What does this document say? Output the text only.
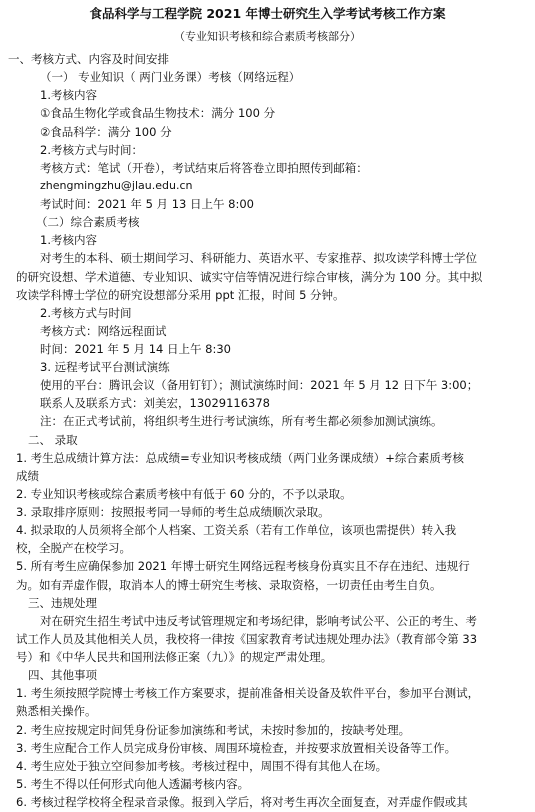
食品科学与工程学院 2021 年博士研究生入学考试考核工作方案
（专业知识考核和综合素质考核部分）
一、考核方式、内容及时间安排
（一） 专业知识（ 两门业务课）考核（网络远程）
1.考核内容
①食品生物化学或食品生物技术：满分 100 分
②食品科学：满分 100 分
2.考核方式与时间：
考核方式：笔试（开卷），考试结束后将答卷立即拍照传到邮箱：
zhengmingzhu@jlau.edu.cn
考试时间：2021 年 5 月 13 日上午 8:00
（二）综合素质考核
1.考核内容
对考生的本科、硕士期间学习、科研能力、英语水平、专家推荐、拟攻读学科博士学位
的研究设想、学术道德、专业知识、诚实守信等情况进行综合审核，满分为 100 分。其中拟
攻读学科博士学位的研究设想部分采用 ppt 汇报，时间 5 分钟。
2.考核方式与时间
考核方式：网络远程面试
时间：2021 年 5 月 14 日上午 8:30
3. 远程考试平台测试演练
使用的平台：腾讯会议（备用钉钉）；测试演练时间：2021 年 5 月 12 日下午 3:00；
联系人及联系方式：刘美宏，13029116378
注：在正式考试前，将组织考生进行考试演练，所有考生都必须参加测试演练。
二、 录取
1. 考生总成绩计算方法：总成绩=专业知识考核成绩（两门业务课成绩）+综合素质考核
成绩
2. 专业知识考核或综合素质考核中有低于 60 分的，不予以录取。
3. 录取排序原则：按照报考同一导师的考生总成绩顺次录取。
4. 拟录取的人员须将全部个人档案、工资关系（若有工作单位，该项也需提供）转入我
校，全脱产在校学习。
5. 所有考生应确保参加 2021 年博士研究生网络远程考核身份真实且不存在违纪、违规行
为。如有弄虚作假，取消本人的博士研究生考核、录取资格，一切责任由考生自负。
三、违规处理
对在研究生招生考试中违反考试管理规定和考场纪律，影响考试公平、公正的考生、考
试工作人员及其他相关人员，我校将一律按《国家教育考试违规处理办法》（教育部令第 33
号）和《中华人民共和国刑法修正案（九）》的规定严肃处理。
四、其他事项
1. 考生须按照学院博士考核工作方案要求，提前准备相关设备及软件平台，参加平台测试，
熟悉相关操作。
2. 考生应按规定时间凭身份证参加演练和考试，未按时参加的，按缺考处理。
3. 考生应配合工作人员完成身份审核、周围环境检查，并按要求放置相关设备等工作。
4. 考生应处于独立空间参加考核。考核过程中，周围不得有其他人在场。
5. 考生不得以任何形式向他人透漏考核内容。
6. 考核过程学校将全程录音录像。报到入学后，将对考生再次全面复查，对弄虚作假或其
